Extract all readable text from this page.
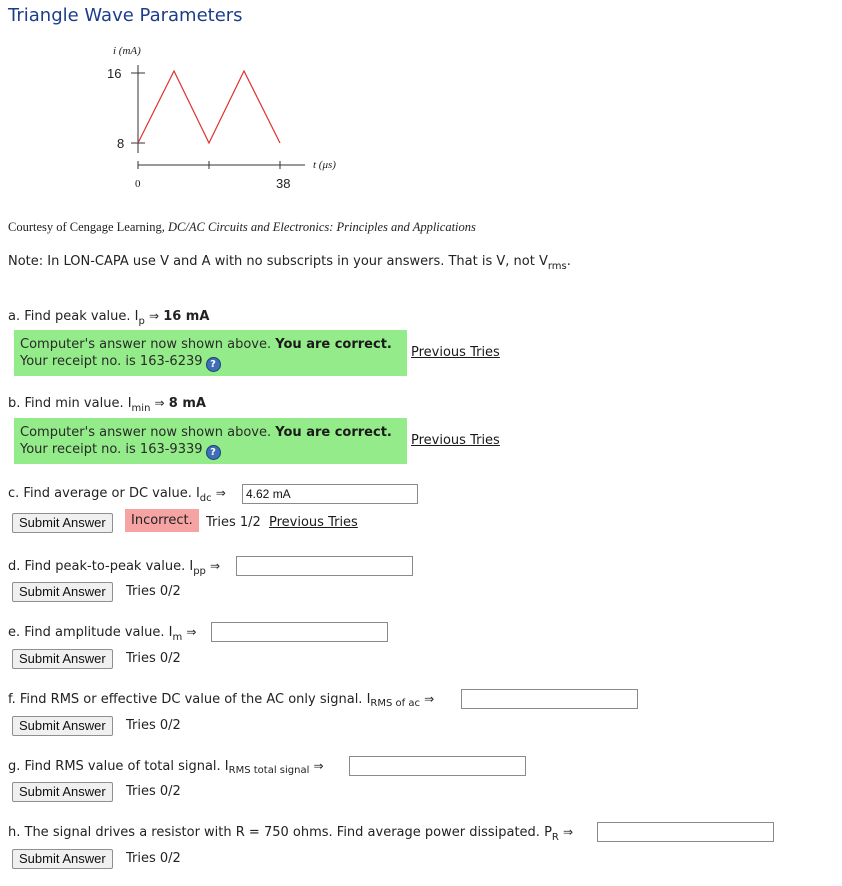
Triangle Wave Parameters
i (mA)
16
8
0	38
t (μs)
Courtesy of Cengage Learning, DC/AC Circuits and Electronics: Principles and Applications
Note: In LON-CAPA use V and A with no subscripts in your answers. That is V, not $V_{rms}$.
a. Find peak value. $I_p$ ⇒ 16 mA
Computer's answer now shown above. You are correct.
Your receipt no. is 163-6239 ?
Previous Tries
b. Find min value. $I_{min}$ ⇒ 8 mA
Computer's answer now shown above. You are correct.
Your receipt no. is 163-9339 ?
Previous Tries
c. Find average or DC value. $I_{dc}$ ⇒
4.62 mA
Submit Answer	Incorrect.	Tries 1/2 Previous Tries
d. Find peak-to-peak value. $I_{pp}$ ⇒
Submit Answer	Tries 0/2
e. Find amplitude value. $I_m$ ⇒
Submit Answer	Tries 0/2
f. Find RMS or effective DC value of the AC only signal. $I_{RMS of ac}$ ⇒
Submit Answer	Tries 0/2
g. Find RMS value of total signal. $I_{RMS total signal}$ ⇒
Submit Answer	Tries 0/2
h. The signal drives a resistor with R = 750 ohms. Find average power dissipated. $P_R$ ⇒
Submit Answer	Tries 0/2
